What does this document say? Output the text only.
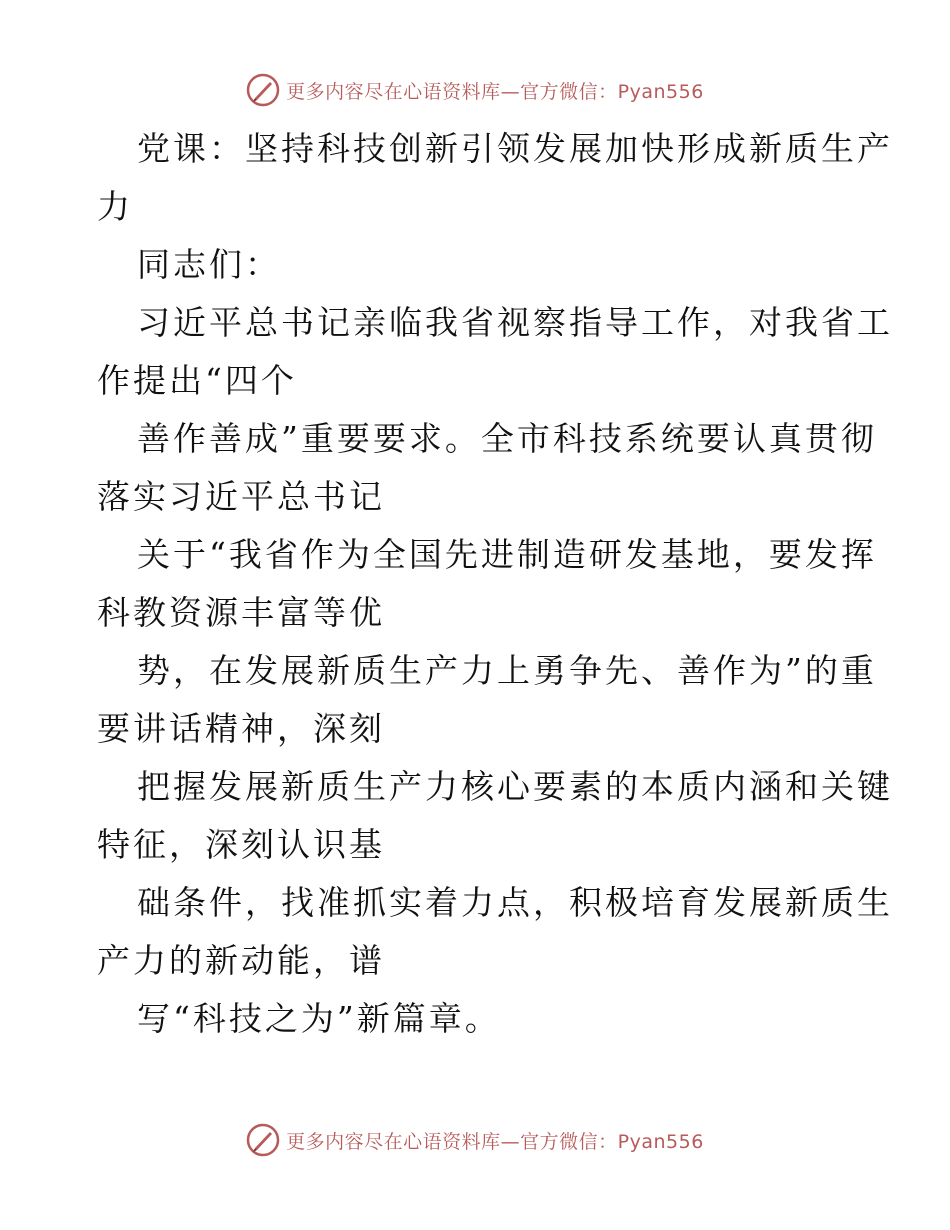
更多内容尽在心语资料库—官方微信：Pyan556
党课：坚持科技创新引领发展加快形成新质生产
力
同志们：
习近平总书记亲临我省视察指导工作，对我省工
作提出“四个
善作善成”重要要求。全市科技系统要认真贯彻
落实习近平总书记
关于“我省作为全国先进制造研发基地，要发挥
科教资源丰富等优
势，在发展新质生产力上勇争先、善作为”的重
要讲话精神，深刻
把握发展新质生产力核心要素的本质内涵和关键
特征，深刻认识基
础条件，找准抓实着力点，积极培育发展新质生
产力的新动能，谱
写“科技之为”新篇章。
更多内容尽在心语资料库—官方微信：Pyan556
